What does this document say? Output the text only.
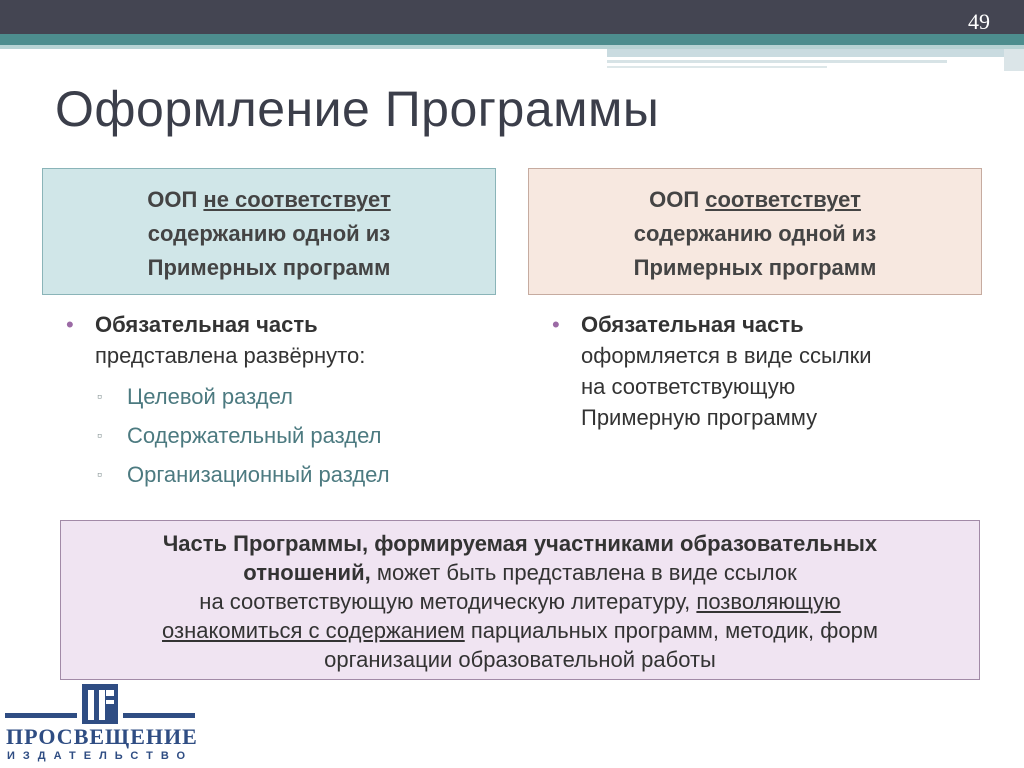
49
Оформление Программы
ООП не соответствует
содержанию одной из
Примерных программ
ООП соответствует
содержанию одной из
Примерных программ
• Обязательная часть
представлена развёрнуто:
▫ Целевой раздел
▫ Содержательный раздел
▫ Организационный раздел
• Обязательная часть
оформляется в виде ссылки
на соответствующую
Примерную программу
Часть Программы, формируемая участниками образовательных
отношений, может быть представлена в виде ссылок
на соответствующую методическую литературу, позволяющую
ознакомиться с содержанием парциальных программ, методик, форм
организации образовательной работы
ПРОСВЕЩЕНИЕ
ИЗДАТЕЛЬСТВО
